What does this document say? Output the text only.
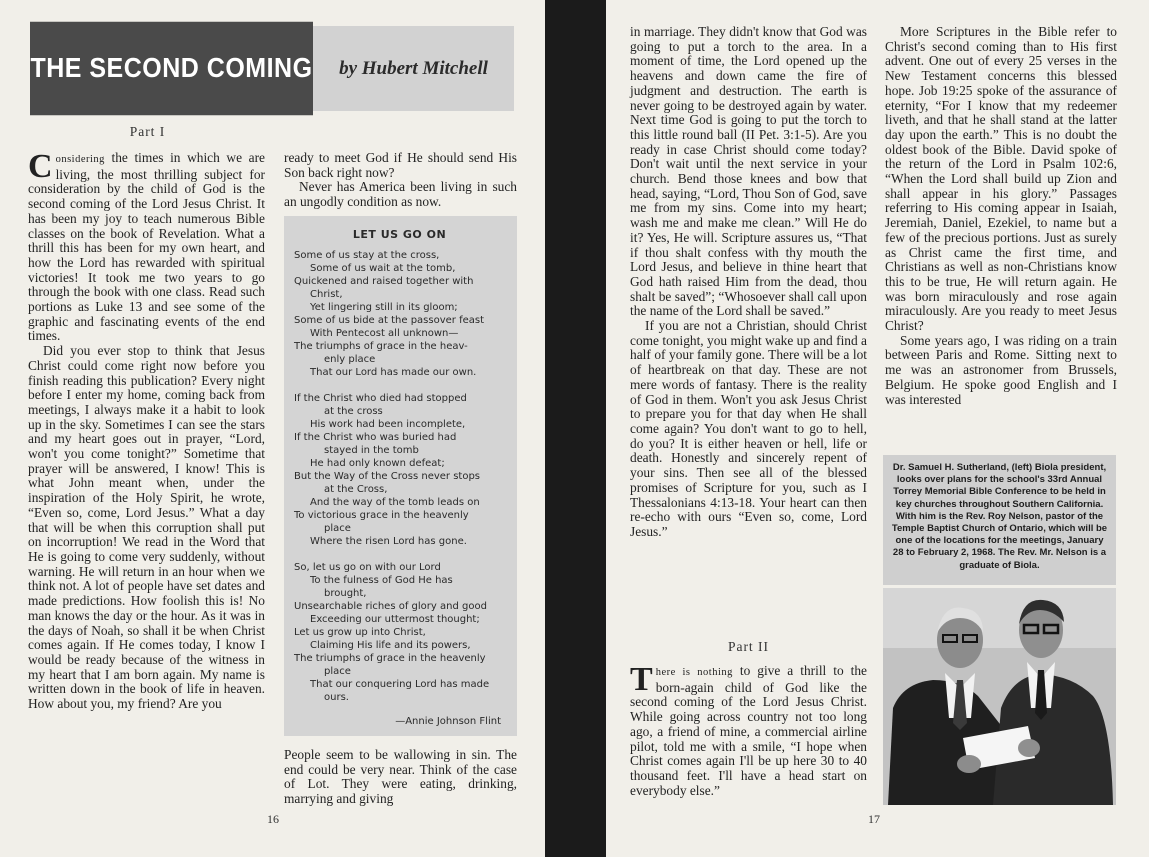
THE SECOND COMING	by Hubert Mitchell
Part I

Considering the times in which we are living, the most thrilling subject for consideration by the child of God is the second coming of the Lord Jesus Christ. It has been my joy to teach numerous Bible classes on the book of Revelation. What a thrill this has been for my own heart, and how the Lord has rewarded with spiritual victories! It took me two years to go through the book with one class. Read such portions as Luke 13 and see some of the graphic and fascinating events of the end times.

Did you ever stop to think that Jesus Christ could come right now before you finish reading this publication? Every night before I enter my home, coming back from meetings, I always make it a habit to look up in the sky. Sometimes I can see the stars and my heart goes out in prayer, “Lord, won't you come tonight?” Sometime that prayer will be answered, I know! This is what John meant when, under the inspiration of the Holy Spirit, he wrote, “Even so, come, Lord Jesus.” What a day that will be when this corruption shall put on incorruption! We read in the Word that He is going to come very suddenly, without warning. He will return in an hour when we think not. A lot of people have set dates and made predictions. How foolish this is! No man knows the day or the hour. As it was in the days of Noah, so shall it be when Christ comes again. If He comes today, I know I would be ready because of the witness in my heart that I am born again. My name is written down in the book of life in heaven. How about you, my friend? Are you

ready to meet God if He should send His Son back right now?

Never has America been living in such an ungodly condition as now.

LET US GO ON
Some of us stay at the cross,
Some of us wait at the tomb,
Quickened and raised together with
Christ,
Yet lingering still in its gloom;
Some of us bide at the passover feast
With Pentecost all unknown—
The triumphs of grace in the heav-
enly place
That our Lord has made our own.
If the Christ who died had stopped
at the cross
His work had been incomplete,
If the Christ who was buried had
stayed in the tomb
He had only known defeat;
But the Way of the Cross never stops
at the Cross,
And the way of the tomb leads on
To victorious grace in the heavenly
place
Where the risen Lord has gone.
So, let us go on with our Lord
To the fulness of God He has
brought,
Unsearchable riches of glory and good
Exceeding our uttermost thought;
Let us grow up into Christ,
Claiming His life and its powers,
The triumphs of grace in the heavenly
place
That our conquering Lord has made
ours.
—Annie Johnson Flint

People seem to be wallowing in sin. The end could be very near. Think of the case of Lot. They were eating, drinking, marrying and giving

16

in marriage. They didn't know that God was going to put a torch to the area. In a moment of time, the Lord opened up the heavens and down came the fire of judgment and destruction. The earth is never going to be destroyed again by water. Next time God is going to put the torch to this little round ball (II Pet. 3:1-5). Are you ready in case Christ should come today? Don't wait until the next service in your church. Bend those knees and bow that head, saying, “Lord, Thou Son of God, save me from my sins. Come into my heart; wash me and make me clean.” Will He do it? Yes, He will. Scripture assures us, “That if thou shalt confess with thy mouth the Lord Jesus, and believe in thine heart that God hath raised Him from the dead, thou shalt be saved”; “Whosoever shall call upon the name of the Lord shall be saved.”

If you are not a Christian, should Christ come tonight, you might wake up and find a half of your family gone. There will be a lot of heartbreak on that day. These are not mere words of fantasy. There is the reality of God in them. Won't you ask Jesus Christ to prepare you for that day when He shall come again? You don't want to go to hell, do you? It is either heaven or hell, life or death. Honestly and sincerely repent of your sins. Then see all of the blessed promises of Scripture for you, such as I Thessalonians 4:13-18. Your heart can then re-echo with ours “Even so, come, Lord Jesus.”

Part II

There is nothing to give a thrill to the born-again child of God like the second coming of the Lord Jesus Christ. While going across country not too long ago, a friend of mine, a commercial airline pilot, told me with a smile, “I hope when Christ comes again I'll be up here 30 to 40 thousand feet. I'll have a head start on everybody else.”

More Scriptures in the Bible refer to Christ's second coming than to His first advent. One out of every 25 verses in the New Testament concerns this blessed hope. Job 19:25 spoke of the assurance of eternity, “For I know that my redeemer liveth, and that he shall stand at the latter day upon the earth.” This is no doubt the oldest book of the Bible. David spoke of the return of the Lord in Psalm 102:6, “When the Lord shall build up Zion and shall appear in his glory.” Passages referring to His coming appear in Isaiah, Jeremiah, Daniel, Ezekiel, to name but a few of the precious portions. Just as surely as Christ came the first time, and Christians as well as non-Christians know this to be true, He will return again. He was born miraculously and rose again miraculously. Are you ready to meet Jesus Christ?

Some years ago, I was riding on a train between Paris and Rome. Sitting next to me was an astronomer from Brussels, Belgium. He spoke good English and I was interested

17
Dr. Samuel H. Sutherland, (left) Biola president, looks over plans for the school's 33rd Annual Torrey Memorial Bible Conference to be held in key churches throughout Southern California. With him is the Rev. Roy Nelson, pastor of the Temple Baptist Church of Ontario, which will be one of the locations for the meetings, January 28 to February 2, 1968. The Rev. Mr. Nelson is a graduate of Biola.
